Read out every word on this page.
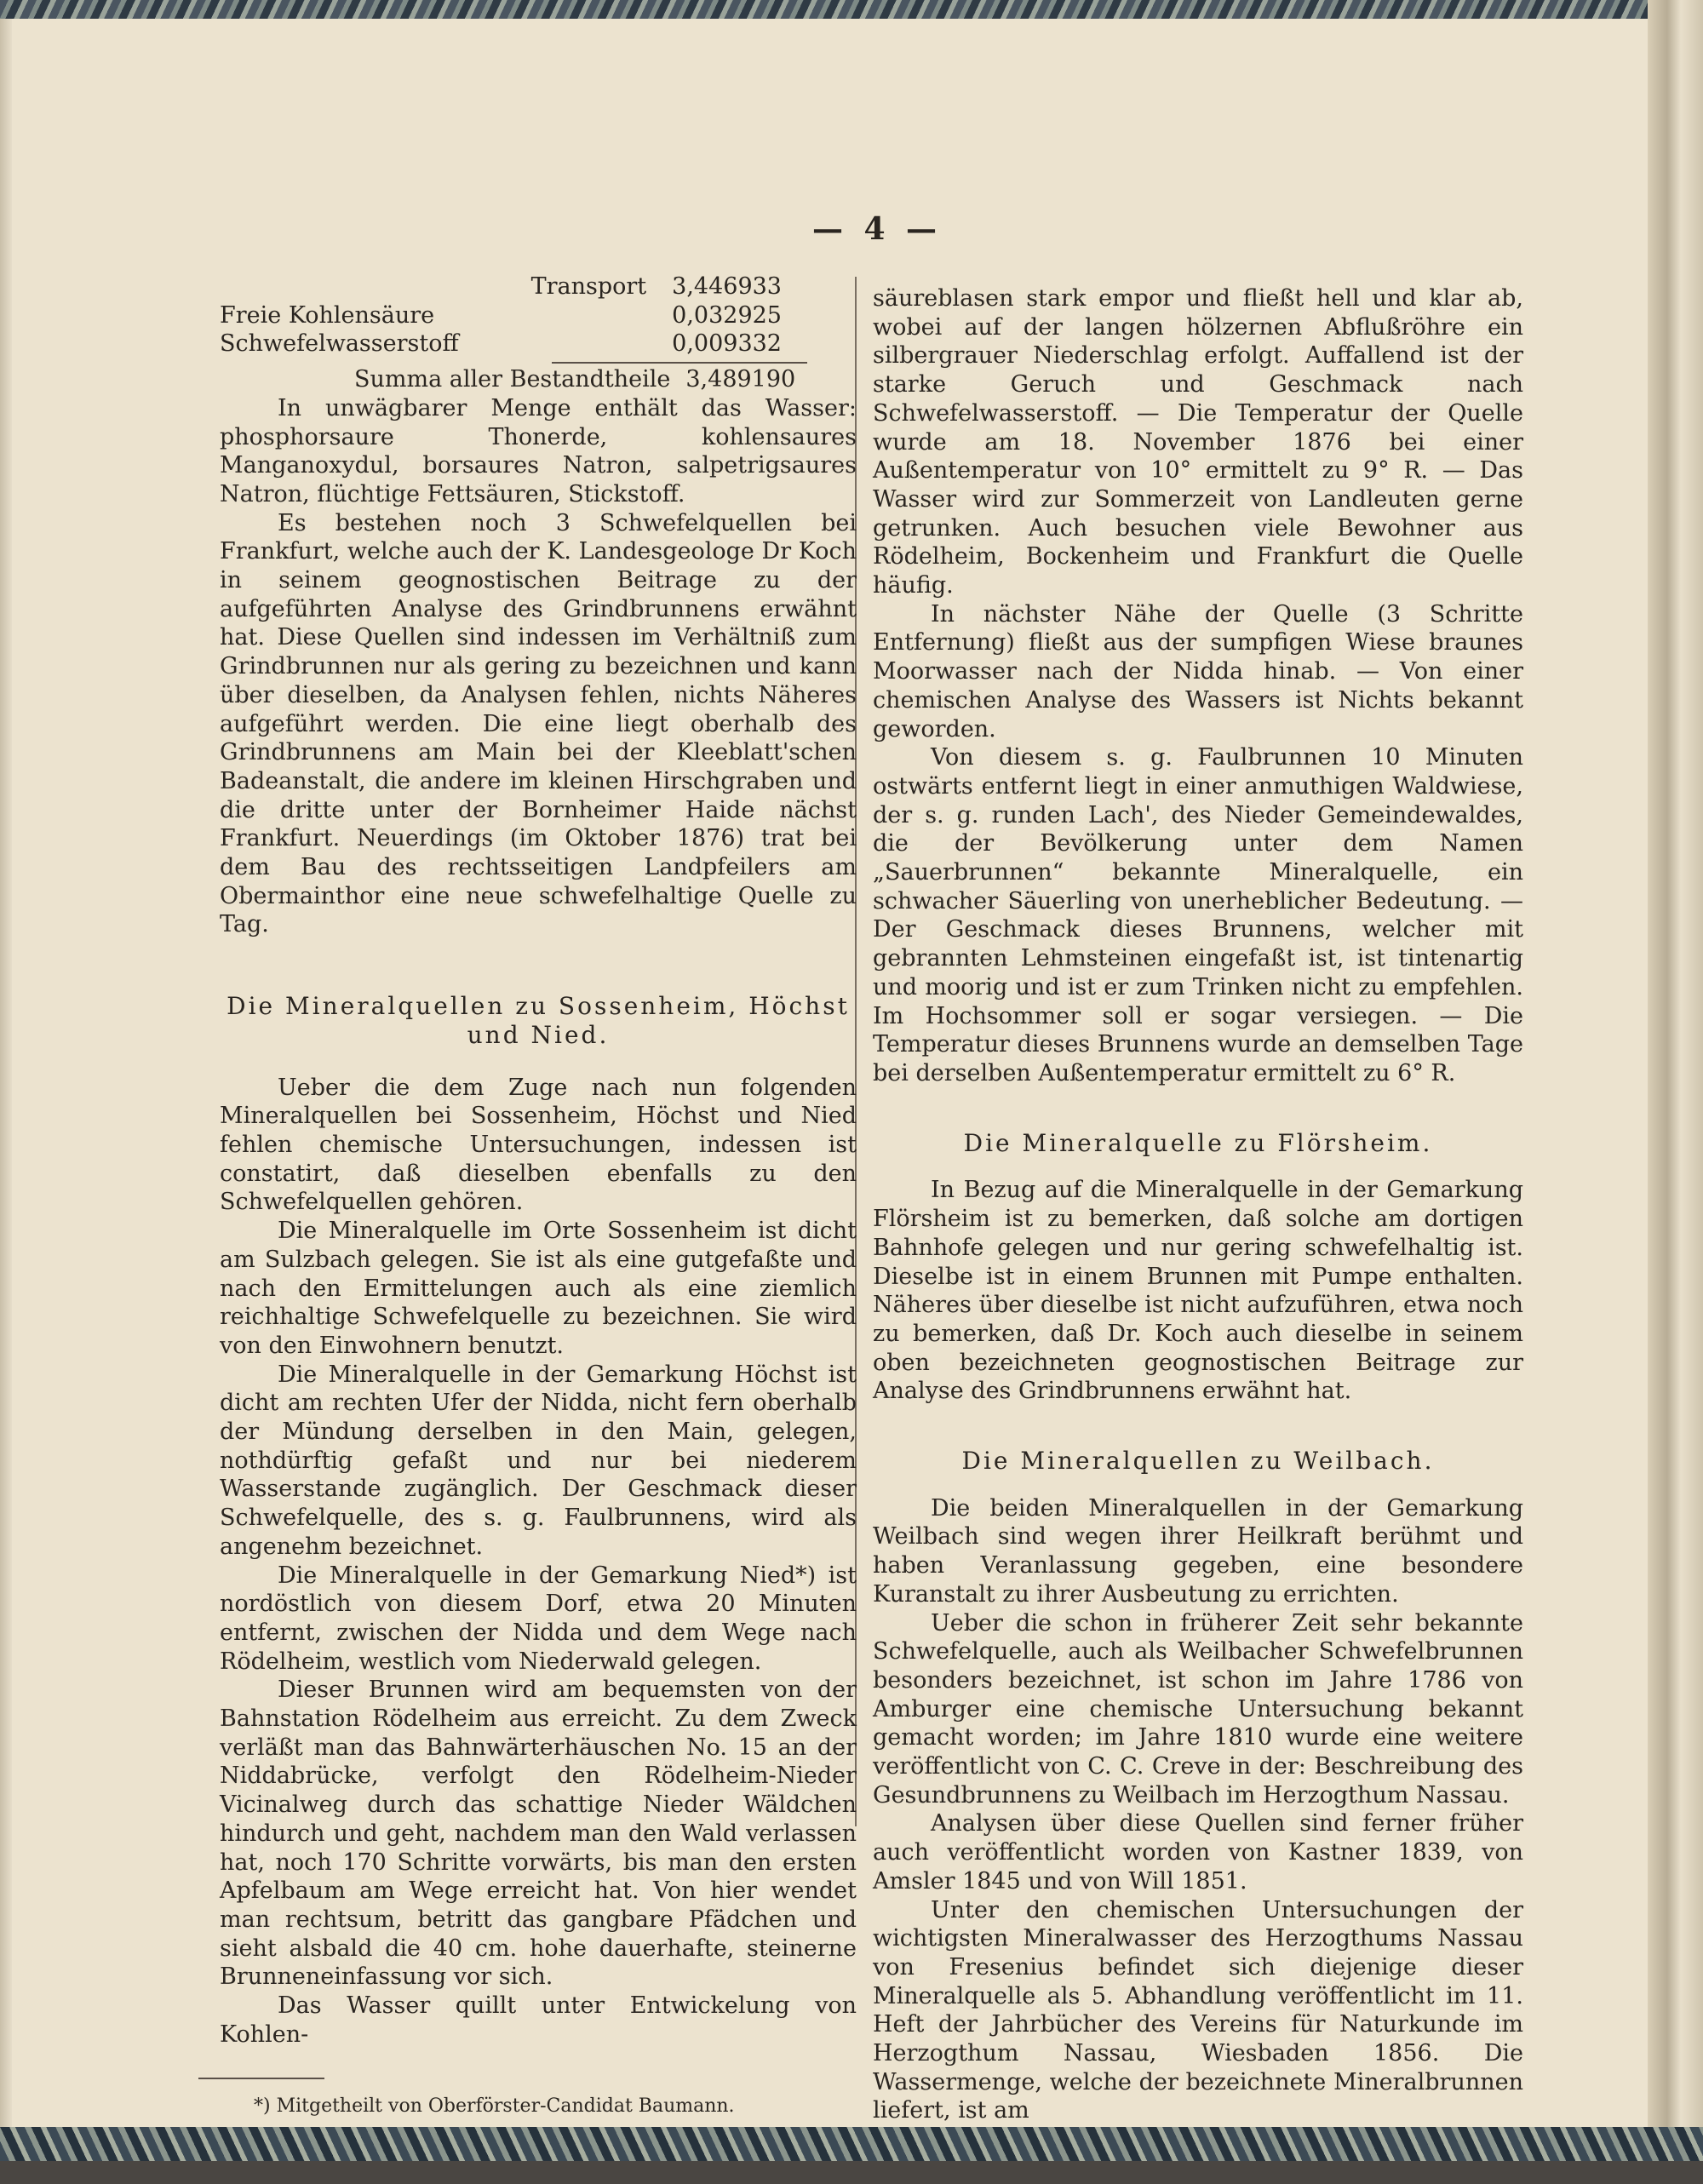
— 4 —
Transport 3,446933
Freie Kohlensäure	0,032925
Schwefelwasserstoff	0,009332
Summa aller Bestandtheile 3,489190

In unwägbarer Menge enthält das Wasser: phosphorsaure Thonerde, kohlensaures Manganoxydul, borsaures Natron, salpetrigsaures Natron, flüchtige Fettsäuren, Stickstoff.

Es bestehen noch 3 Schwefelquellen bei Frankfurt, welche auch der K. Landesgeologe Dr Koch in seinem geognostischen Beitrage zu der aufgeführten Analyse des Grindbrunnens erwähnt hat. Diese Quellen sind indessen im Verhältniß zum Grindbrunnen nur als gering zu bezeichnen und kann über dieselben, da Analysen fehlen, nichts Näheres aufgeführt werden. Die eine liegt oberhalb des Grindbrunnens am Main bei der Kleeblatt'schen Badeanstalt, die andere im kleinen Hirschgraben und die dritte unter der Bornheimer Haide nächst Frankfurt. Neuerdings (im Oktober 1876) trat bei dem Bau des rechtsseitigen Landpfeilers am Obermainthor eine neue schwefelhaltige Quelle zu Tag.

Die Mineralquellen zu Sossenheim, Höchst und Nied.

Ueber die dem Zuge nach nun folgenden Mineralquellen bei Sossenheim, Höchst und Nied fehlen chemische Untersuchungen, indessen ist constatirt, daß dieselben ebenfalls zu den Schwefelquellen gehören.

Die Mineralquelle im Orte Sossenheim ist dicht am Sulzbach gelegen. Sie ist als eine gutgefaßte und nach den Ermittelungen auch als eine ziemlich reichhaltige Schwefelquelle zu bezeichnen. Sie wird von den Einwohnern benutzt.

Die Mineralquelle in der Gemarkung Höchst ist dicht am rechten Ufer der Nidda, nicht fern oberhalb der Mündung derselben in den Main, gelegen, nothdürftig gefaßt und nur bei niederem Wasserstande zugänglich. Der Geschmack dieser Schwefelquelle, des s. g. Faulbrunnens, wird als angenehm bezeichnet.

Die Mineralquelle in der Gemarkung Nied*) ist nordöstlich von diesem Dorf, etwa 20 Minuten entfernt, zwischen der Nidda und dem Wege nach Rödelheim, westlich vom Niederwald gelegen.

Dieser Brunnen wird am bequemsten von der Bahnstation Rödelheim aus erreicht. Zu dem Zweck verläßt man das Bahnwärterhäuschen No. 15 an der Niddabrücke, verfolgt den Rödelheim-Nieder Vicinalweg durch das schattige Nieder Wäldchen hindurch und geht, nachdem man den Wald verlassen hat, noch 170 Schritte vorwärts, bis man den ersten Apfelbaum am Wege erreicht hat. Von hier wendet man rechtsum, betritt das gangbare Pfädchen und sieht alsbald die 40 cm. hohe dauerhafte, steinerne Brunneneinfassung vor sich.

Das Wasser quillt unter Entwickelung von Kohlen-

*) Mitgetheilt von Oberförster-Candidat Baumann.

säureblasen stark empor und fließt hell und klar ab, wobei auf der langen hölzernen Abflußröhre ein silbergrauer Niederschlag erfolgt. Auffallend ist der starke Geruch und Geschmack nach Schwefelwasserstoff. — Die Temperatur der Quelle wurde am 18. November 1876 bei einer Außentemperatur von 10° ermittelt zu 9° R. — Das Wasser wird zur Sommerzeit von Landleuten gerne getrunken. Auch besuchen viele Bewohner aus Rödelheim, Bockenheim und Frankfurt die Quelle häufig.

In nächster Nähe der Quelle (3 Schritte Entfernung) fließt aus der sumpfigen Wiese braunes Moorwasser nach der Nidda hinab. — Von einer chemischen Analyse des Wassers ist Nichts bekannt geworden.

Von diesem s. g. Faulbrunnen 10 Minuten ostwärts entfernt liegt in einer anmuthigen Waldwiese, der s. g. runden Lach', des Nieder Gemeindewaldes, die der Bevölkerung unter dem Namen „Sauerbrunnen“ bekannte Mineralquelle, ein schwacher Säuerling von unerheblicher Bedeutung. — Der Geschmack dieses Brunnens, welcher mit gebrannten Lehmsteinen eingefaßt ist, ist tintenartig und moorig und ist er zum Trinken nicht zu empfehlen. Im Hochsommer soll er sogar versiegen. — Die Temperatur dieses Brunnens wurde an demselben Tage bei derselben Außentemperatur ermittelt zu 6° R.

Die Mineralquelle zu Flörsheim.

In Bezug auf die Mineralquelle in der Gemarkung Flörsheim ist zu bemerken, daß solche am dortigen Bahnhofe gelegen und nur gering schwefelhaltig ist. Dieselbe ist in einem Brunnen mit Pumpe enthalten. Näheres über dieselbe ist nicht aufzuführen, etwa noch zu bemerken, daß Dr. Koch auch dieselbe in seinem oben bezeichneten geognostischen Beitrage zur Analyse des Grindbrunnens erwähnt hat.

Die Mineralquellen zu Weilbach.

Die beiden Mineralquellen in der Gemarkung Weilbach sind wegen ihrer Heilkraft berühmt und haben Veranlassung gegeben, eine besondere Kuranstalt zu ihrer Ausbeutung zu errichten.

Ueber die schon in früherer Zeit sehr bekannte Schwefelquelle, auch als Weilbacher Schwefelbrunnen besonders bezeichnet, ist schon im Jahre 1786 von Amburger eine chemische Untersuchung bekannt gemacht worden; im Jahre 1810 wurde eine weitere veröffentlicht von C. C. Creve in der: Beschreibung des Gesundbrunnens zu Weilbach im Herzogthum Nassau.

Analysen über diese Quellen sind ferner früher auch veröffentlicht worden von Kastner 1839, von Amsler 1845 und von Will 1851.

Unter den chemischen Untersuchungen der wichtigsten Mineralwasser des Herzogthums Nassau von Fresenius befindet sich diejenige dieser Mineralquelle als 5. Abhandlung veröffentlicht im 11. Heft der Jahrbücher des Vereins für Naturkunde im Herzogthum Nassau, Wiesbaden 1856. Die Wassermenge, welche der bezeichnete Mineralbrunnen liefert, ist am
